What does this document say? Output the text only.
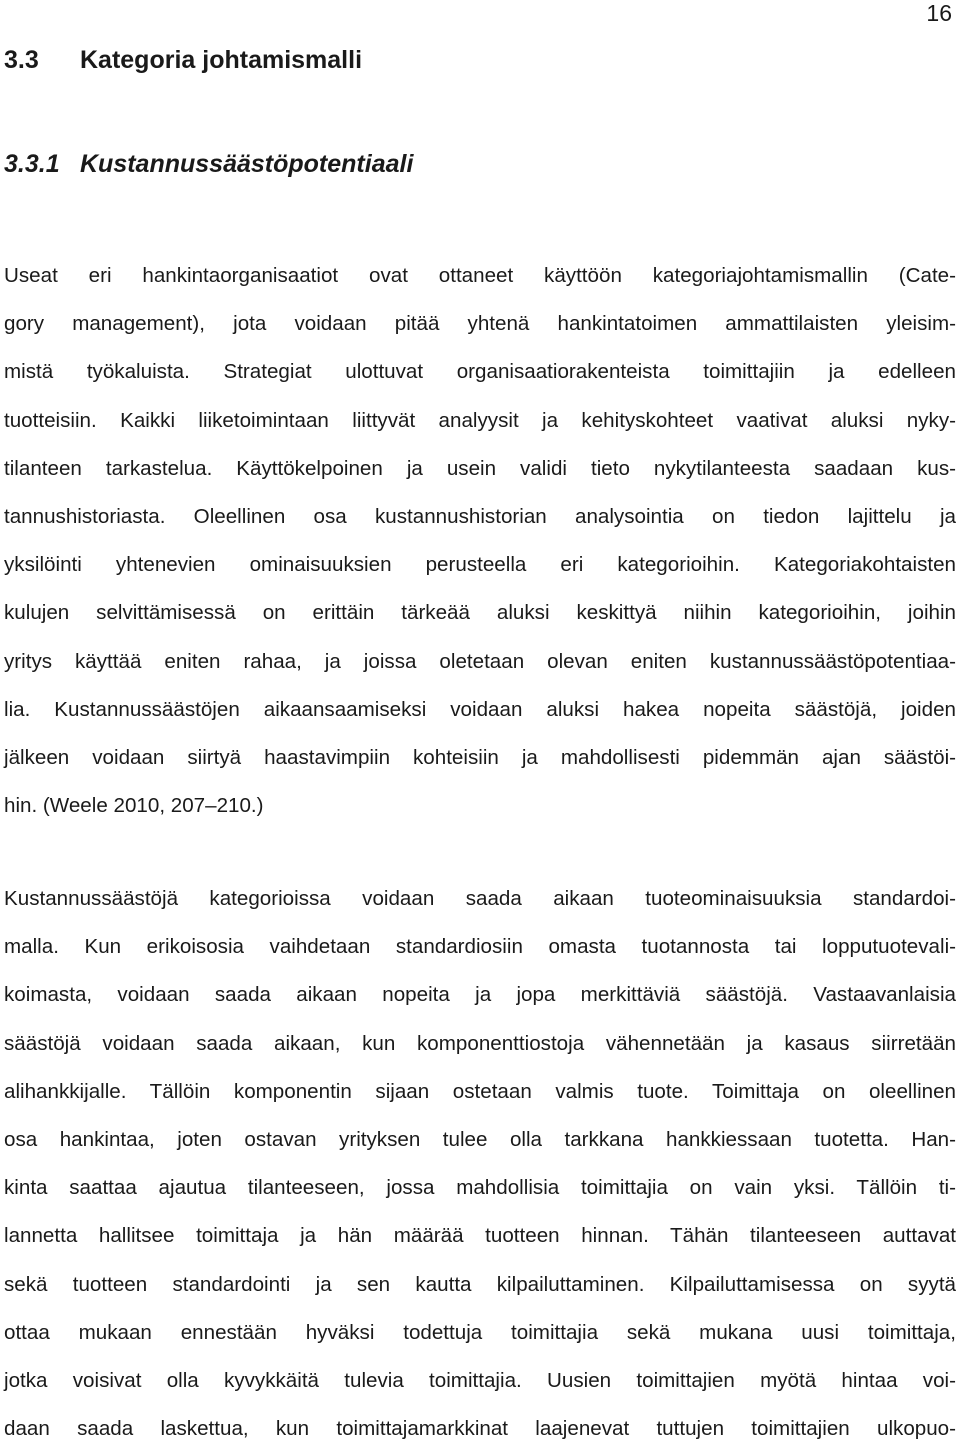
16
3.3 Kategoria johtamismalli
3.3.1 Kustannussäästöpotentiaali
Useat eri hankintaorganisaatiot ovat ottaneet käyttöön kategoriajohtamismallin (Cate-
gory management), jota voidaan pitää yhtenä hankintatoimen ammattilaisten yleisim-
mistä työkaluista. Strategiat ulottuvat organisaatiorakenteista toimittajiin ja edelleen
tuotteisiin. Kaikki liiketoimintaan liittyvät analyysit ja kehityskohteet vaativat aluksi nyky-
tilanteen tarkastelua. Käyttökelpoinen ja usein validi tieto nykytilanteesta saadaan kus-
tannushistoriasta. Oleellinen osa kustannushistorian analysointia on tiedon lajittelu ja
yksilöinti yhtenevien ominaisuuksien perusteella eri kategorioihin. Kategoriakohtaisten
kulujen selvittämisessä on erittäin tärkeää aluksi keskittyä niihin kategorioihin, joihin
yritys käyttää eniten rahaa, ja joissa oletetaan olevan eniten kustannussäästöpotentiaa-
lia. Kustannussäästöjen aikaansaamiseksi voidaan aluksi hakea nopeita säästöjä, joiden
jälkeen voidaan siirtyä haastavimpiin kohteisiin ja mahdollisesti pidemmän ajan säästöi-
hin. (Weele 2010, 207–210.)
Kustannussäästöjä kategorioissa voidaan saada aikaan tuoteominaisuuksia standardoi-
malla. Kun erikoisosia vaihdetaan standardiosiin omasta tuotannosta tai lopputuotevali-
koimasta, voidaan saada aikaan nopeita ja jopa merkittäviä säästöjä. Vastaavanlaisia
säästöjä voidaan saada aikaan, kun komponenttiostoja vähennetään ja kasaus siirretään
alihankkijalle. Tällöin komponentin sijaan ostetaan valmis tuote. Toimittaja on oleellinen
osa hankintaa, joten ostavan yrityksen tulee olla tarkkana hankkiessaan tuotetta. Han-
kinta saattaa ajautua tilanteeseen, jossa mahdollisia toimittajia on vain yksi. Tällöin ti-
lannetta hallitsee toimittaja ja hän määrää tuotteen hinnan. Tähän tilanteeseen auttavat
sekä tuotteen standardointi ja sen kautta kilpailuttaminen. Kilpailuttamisessa on syytä
ottaa mukaan ennestään hyväksi todettuja toimittajia sekä mukana uusi toimittaja,
jotka voisivat olla kyvykkäitä tulevia toimittajia. Uusien toimittajien myötä hintaa voi-
daan saada laskettua, kun toimittajamarkkinat laajenevat tuttujen toimittajien ulkopuo-
